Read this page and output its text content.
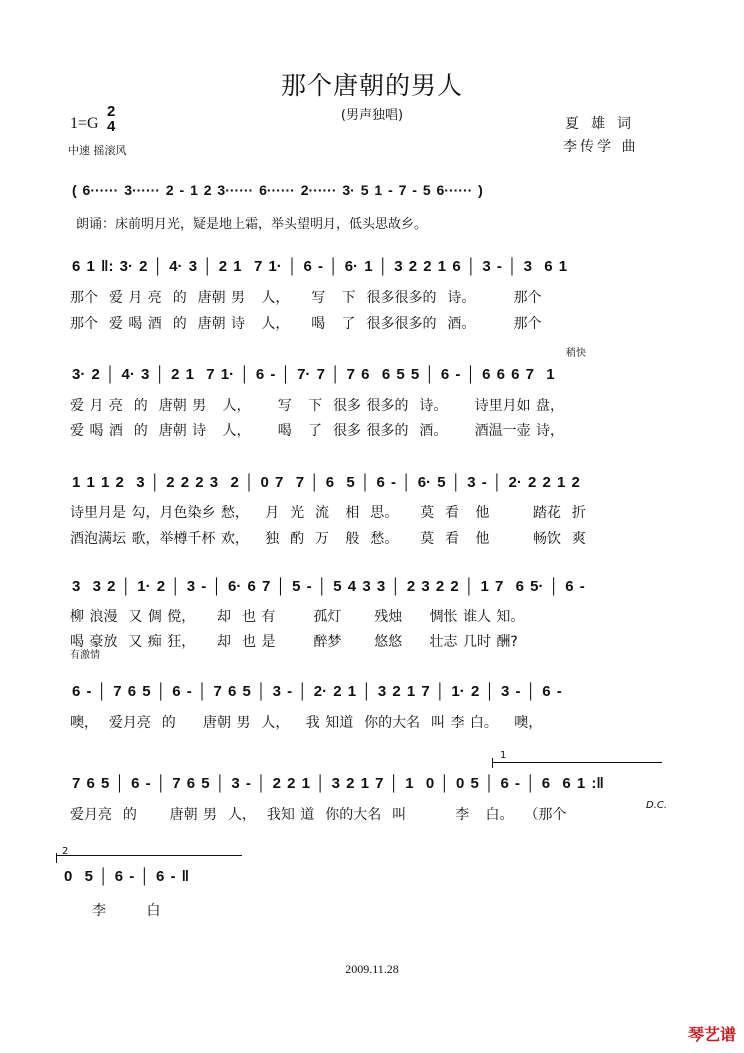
那个唐朝的男人
(男声独唱)
1=G
2
4
中速 摇滚风
夏雄词
李传学 曲
( 6······ 3······ 2 - 1 2 3······ 6······ 2······ 3· 5 1 - 7 - 5 6······ )
朗诵：床前明月光，疑是地上霜，举头望明月，低头思故乡。
6 1 ‖: 3· 2 │ 4· 3 │ 2 1  7 1· │ 6 - │ 6· 1 │ 3 2 2 1 6 │ 3 - │ 3  6 1
那个  爱 月 亮  的  唐朝 男   人，    写   下  很多很多的  诗。       那个
那个  爱 喝 酒  的  唐朝 诗   人，    喝   了  很多很多的  酒。       那个
稍快
3· 2 │ 4· 3 │ 2 1  7 1· │ 6 - │ 7· 7 │ 7 6  6 5 5 │ 6 - │ 6 6 6 7  1
爱 月 亮  的  唐朝 男   人，     写   下  很多 很多的  诗。     诗里月如 盘，
爱 喝 酒  的  唐朝 诗   人，     喝   了  很多 很多的  酒。     酒温一壶 诗，
1 1 1 2  3 │ 2 2 2 3  2 │ 0 7  7 │ 6  5 │ 6 - │ 6· 5 │ 3 - │ 2· 2 2 1 2
诗里月是 勾，月色染乡 愁，   月  光  流   相  思。    莫  看   他        踏花  折
酒泡满坛 歌，举樽千杯 欢，   独  酌  万   般  愁。    莫  看   他        畅饮  爽
3  3 2 │ 1· 2 │ 3 - │ 6· 6 7 │ 5 - │ 5 4 3 3 │ 2 3 2 2 │ 1 7  6 5· │ 6 -
柳 浪漫  又 倜 傥，    却  也 有       孤灯      残烛     惆怅 谁人 知。
喝 豪放  又 痴 狂，    却  也 是       醉梦      悠悠     壮志 几时 酬?
有激情
6 - │ 7 6 5 │ 6 - │ 7 6 5 │ 3 - │ 2· 2 1 │ 3 2 1 7 │ 1· 2 │ 3 - │ 6 -
噢，  爱月亮  的     唐朝 男  人，   我 知道  你的大名  叫 李 白。   噢，
1
7 6 5 │ 6 - │ 7 6 5 │ 3 - │ 2 2 1 │ 3 2 1 7 │ 1  0 │ 0 5 │ 6 - │ 6  6 1 :‖
爱月亮  的      唐朝 男  人，  我知 道  你的大名  叫         李   白。  （那个
D.C.
2
0  5 │ 6 - │ 6 - ‖
李 白
2009.11.28
琴艺谱
